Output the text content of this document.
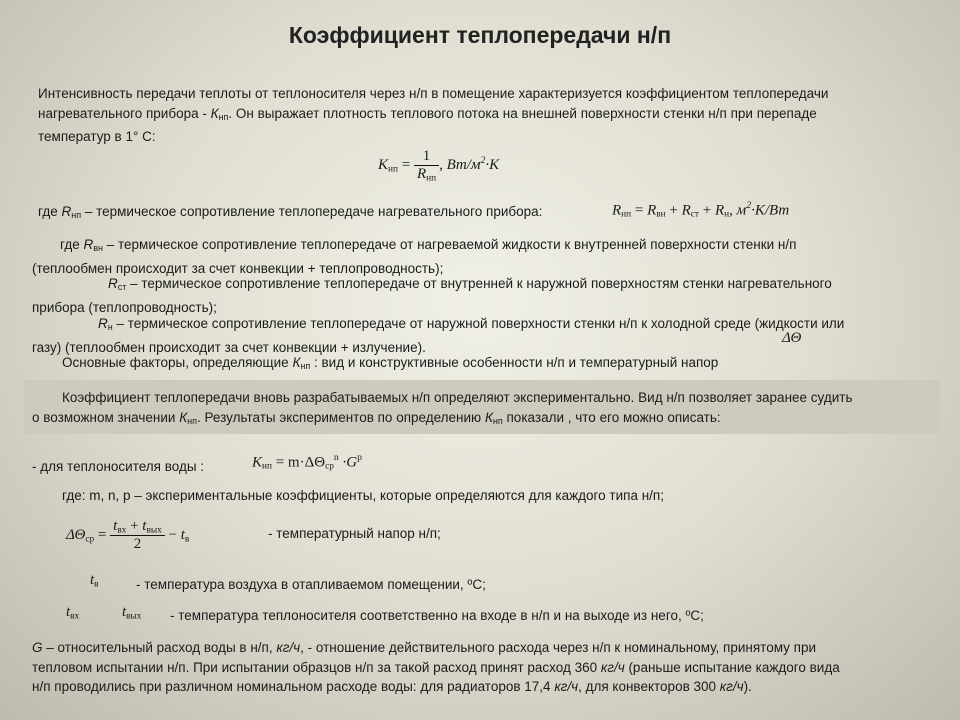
Коэффициент теплопередачи н/п
Интенсивность передачи теплоты от теплоносителя через н/п в помещение характеризуется коэффициентом теплопередачи
нагревательного прибора - Кнп. Он выражает плотность теплового потока на внешней поверхности стенки н/п при перепаде
температур в 1° С:
$K_{нп} = \frac{1}{R_{нп}}$ , $Вт/м^2\cdot K$
где Rнп – термическое сопротивление теплопередаче нагревательного прибора:	$R_{нп} = R_{вн} + R_{ст} + R_н$, $м^2\cdot K/Вт$
где Rвн – термическое сопротивление теплопередаче от нагреваемой жидкости к внутренней поверхности стенки н/п
(теплообмен происходит за счет конвекции + теплопроводность);
Rст – термическое сопротивление теплопередаче от внутренней к наружной поверхностям стенки нагревательного
прибора (теплопроводность);
Rн – термическое сопротивление теплопередаче от наружной поверхности стенки н/п к холодной среде (жидкости или
газу) (теплообмен происходит за счет конвекции + излучение).
ΔΘ
Основные факторы, определяющие Кнп : вид и конструктивные особенности н/п и температурный напор
Коэффициент теплопередачи вновь разрабатываемых н/п определяют экспериментально. Вид н/п позволяет заранее судить
о возможном значении Кнп. Результаты экспериментов по определению Кнп показали , что его можно описать:
- для теплоносителя воды :	$K_{нп} = m\cdot\Delta\Theta_{ср}^n \cdot G^p$
где: m, n, p – экспериментальные коэффициенты, которые определяются для каждого типа н/п;
$\Delta\Theta_{ср} = \frac{t_{вх} + t_{вых}}{2} - t_в$	- температурный напор н/п;
$t_в$	- температура воздуха в отапливаемом помещении, ºС;
$t_{вх}$	$t_{вых}$ - температура теплоносителя соответственно на входе в н/п и на выходе из него, ºС;
G – относительный расход воды в н/п, кг/ч, - отношение действительного расхода через н/п к номинальному, принятому при
тепловом испытании н/п. При испытании образцов н/п за такой расход принят расход 360 кг/ч (раньше испытание каждого вида
н/п проводились при различном номинальном расходе воды: для радиаторов 17,4 кг/ч, для конвекторов 300 кг/ч).
